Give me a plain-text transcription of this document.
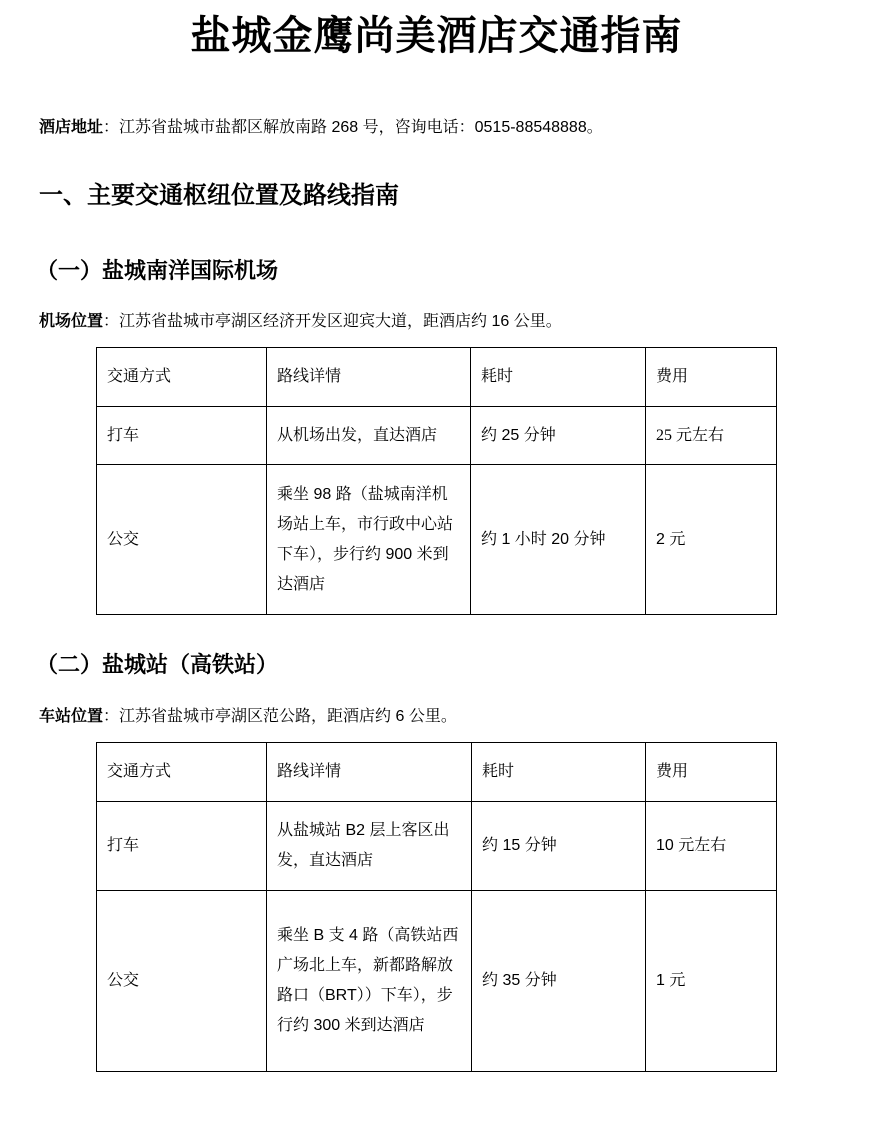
盐城金鹰尚美酒店交通指南
酒店地址：江苏省盐城市盐都区解放南路 268 号，咨询电话：0515-88548888。
一、主要交通枢纽位置及路线指南
（一）盐城南洋国际机场
机场位置：江苏省盐城市亭湖区经济开发区迎宾大道，距酒店约 16 公里。
交通方式	路线详情	耗时	费用
打车	从机场出发，直达酒店	约 25 分钟	25 元左右
公交	乘坐 98 路（盐城南洋机场站上车，市行政中心站下车），步行约 900 米到达酒店	约 1 小时 20 分钟	2 元
（二）盐城站（高铁站）
车站位置：江苏省盐城市亭湖区范公路，距酒店约 6 公里。
交通方式	路线详情	耗时	费用
打车	从盐城站 B2 层上客区出发，直达酒店	约 15 分钟	10 元左右
公交	乘坐 B 支 4 路（高铁站西广场北上车，新都路解放路口（BRT））下车），步行约 300 米到达酒店	约 35 分钟	1 元
